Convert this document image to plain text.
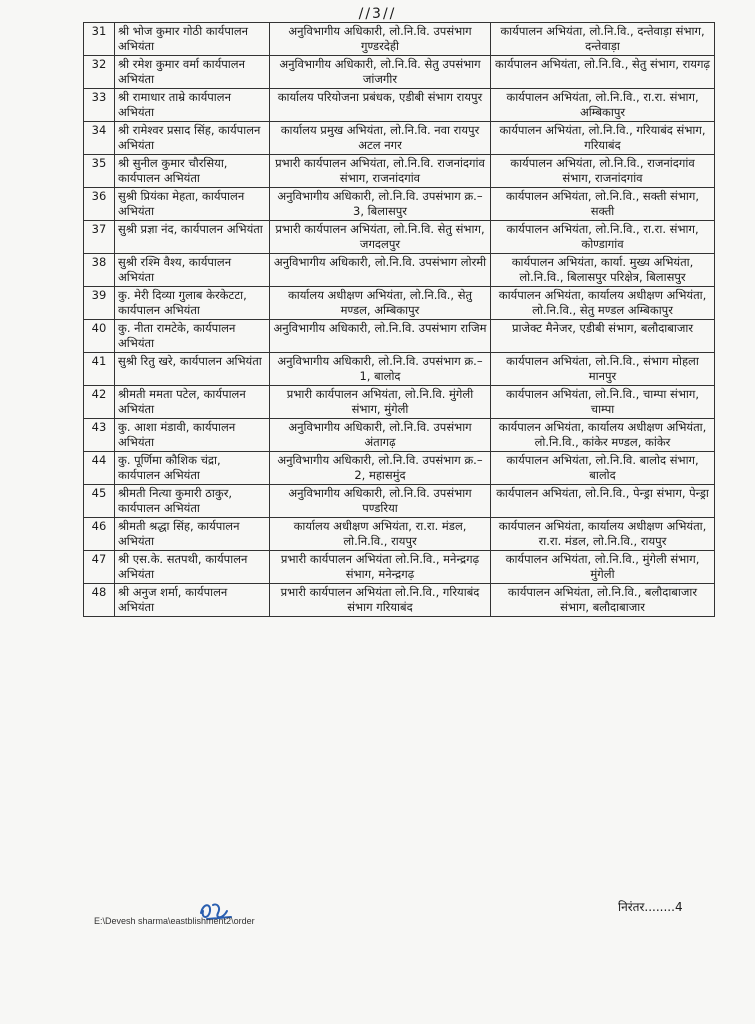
//3//
31	श्री भोज कुमार गोठी कार्यपालन अभियंता	अनुविभागीय अधिकारी, लो.नि.वि. उपसंभाग गुण्डरदेही	कार्यपालन अभियंता, लो.नि.वि., दन्तेवाड़ा संभाग, दन्तेवाड़ा
32	श्री रमेश कुमार वर्मा कार्यपालन अभियंता	अनुविभागीय अधिकारी, लो.नि.वि. सेतु उपसंभाग जांजगीर	कार्यपालन अभियंता, लो.नि.वि., सेतु संभाग, रायगढ़
33	श्री रामाधार ताम्रे कार्यपालन अभियंता	कार्यालय परियोजना प्रबंधक, एडीबी संभाग रायपुर	कार्यपालन अभियंता, लो.नि.वि., रा.रा. संभाग, अम्बिकापुर
34	श्री रामेश्वर प्रसाद सिंह, कार्यपालन अभियंता	कार्यालय प्रमुख अभियंता, लो.नि.वि. नवा रायपुर अटल नगर	कार्यपालन अभियंता, लो.नि.वि., गरियाबंद संभाग, गरियाबंद
35	श्री सुनील कुमार चौरसिया, कार्यपालन अभियंता	प्रभारी कार्यपालन अभियंता, लो.नि.वि. राजनांदगांव संभाग, राजनांदगांव	कार्यपालन अभियंता, लो.नि.वि., राजनांदगांव संभाग, राजनांदगांव
36	सुश्री प्रियंका मेहता, कार्यपालन अभियंता	अनुविभागीय अधिकारी, लो.नि.वि. उपसंभाग क्र.–3, बिलासपुर	कार्यपालन अभियंता, लो.नि.वि., सक्ती संभाग, सक्ती
37	सुश्री प्रज्ञा नंद, कार्यपालन अभियंता	प्रभारी कार्यपालन अभियंता, लो.नि.वि. सेतु संभाग, जगदलपुर	कार्यपालन अभियंता, लो.नि.वि., रा.रा. संभाग, कोण्डागांव
38	सुश्री रश्मि वैश्य, कार्यपालन अभियंता	अनुविभागीय अधिकारी, लो.नि.वि. उपसंभाग लोरमी	कार्यपालन अभियंता, कार्या. मुख्य अभियंता, लो.नि.वि., बिलासपुर परिक्षेत्र, बिलासपुर
39	कु. मेरी दिव्या गुलाब केरकेटटा, कार्यपालन अभियंता	कार्यालय अधीक्षण अभियंता, लो.नि.वि., सेतु मण्डल, अम्बिकापुर	कार्यपालन अभियंता, कार्यालय अधीक्षण अभियंता, लो.नि.वि., सेतु मण्डल अम्बिकापुर
40	कु. नीता रामटेके, कार्यपालन अभियंता	अनुविभागीय अधिकारी, लो.नि.वि. उपसंभाग राजिम	प्राजेक्ट मैनेजर, एडीबी संभाग, बलौदाबाजार
41	सुश्री रितु खरे, कार्यपालन अभियंता	अनुविभागीय अधिकारी, लो.नि.वि. उपसंभाग क्र.–1, बालोद	कार्यपालन अभियंता, लो.नि.वि., संभाग मोहला मानपुर
42	श्रीमती ममता पटेल, कार्यपालन अभियंता	प्रभारी कार्यपालन अभियंता, लो.नि.वि. मुंगेली संभाग, मुंगेली	कार्यपालन अभियंता, लो.नि.वि., चाम्पा संभाग, चाम्पा
43	कु. आशा मंडावी, कार्यपालन अभियंता	अनुविभागीय अधिकारी, लो.नि.वि. उपसंभाग अंतागढ़	कार्यपालन अभियंता, कार्यालय अधीक्षण अभियंता, लो.नि.वि., कांकेर मण्डल, कांकेर
44	कु. पूर्णिमा कौशिक चंद्रा, कार्यपालन अभियंता	अनुविभागीय अधिकारी, लो.नि.वि. उपसंभाग क्र.–2, महासमुंद	कार्यपालन अभियंता, लो.नि.वि. बालोद संभाग, बालोद
45	श्रीमती नित्या कुमारी ठाकुर, कार्यपालन अभियंता	अनुविभागीय अधिकारी, लो.नि.वि. उपसंभाग पण्डरिया	कार्यपालन अभियंता, लो.नि.वि., पेन्ड्रा संभाग, पेन्ड्रा
46	श्रीमती श्रद्धा सिंह, कार्यपालन अभियंता	कार्यालय अधीक्षण अभियंता, रा.रा. मंडल, लो.नि.वि., रायपुर	कार्यपालन अभियंता, कार्यालय अधीक्षण अभियंता, रा.रा. मंडल, लो.नि.वि., रायपुर
47	श्री एस.के. सतपथी, कार्यपालन अभियंता	प्रभारी कार्यपालन अभियंता लो.नि.वि., मनेन्द्रगढ़ संभाग, मनेन्द्रगढ़	कार्यपालन अभियंता, लो.नि.वि., मुंगेली संभाग, मुंगेली
48	श्री अनुज शर्मा, कार्यपालन अभियंता	प्रभारी कार्यपालन अभियंता लो.नि.वि., गरियाबंद संभाग गरियाबंद	कार्यपालन अभियंता, लो.नि.वि., बलौदाबाजार संभाग, बलौदाबाजार
निरंतर........4
E:\Devesh sharma\eastblishment2\order
